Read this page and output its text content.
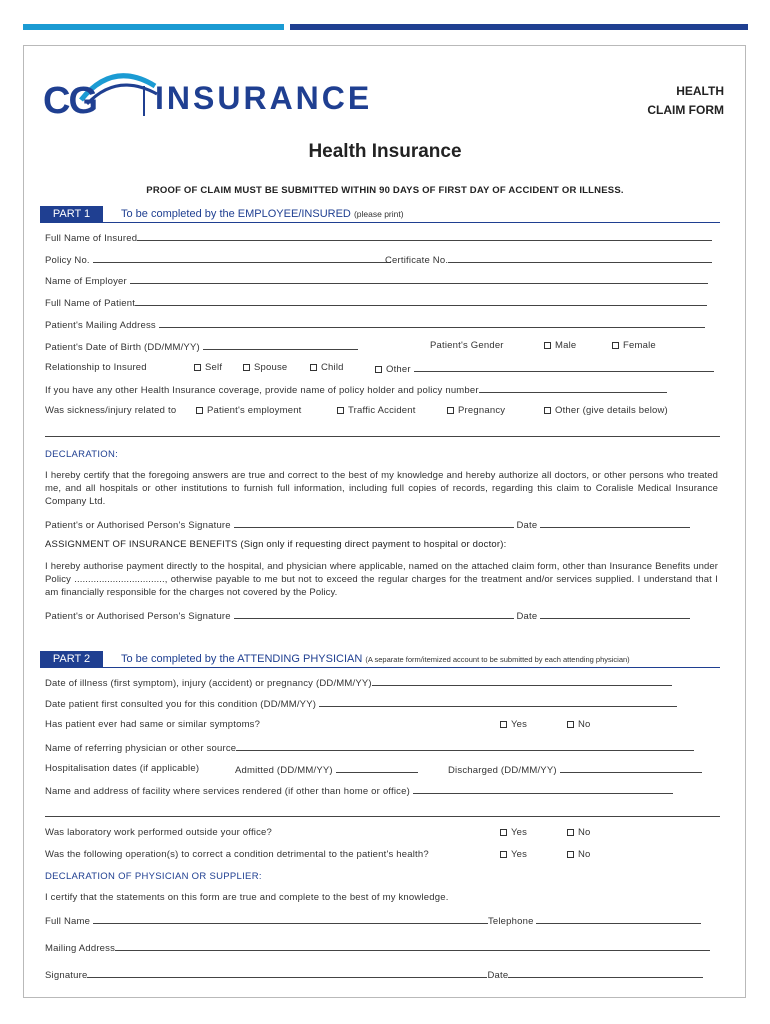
CG INSURANCE	HEALTH
CLAIM FORM
Health Insurance
PROOF OF CLAIM MUST BE SUBMITTED WITHIN 90 DAYS OF FIRST DAY OF ACCIDENT OR ILLNESS.
PART 1	To be completed by the EMPLOYEE/INSURED (please print)
Full Name of Insured
Policy No.	Certificate No.
Name of Employer
Full Name of Patient
Patient's Mailing Address
Patient's Date of Birth (DD/MM/YY)	Patient's Gender	Male	Female
Relationship to Insured	Self	Spouse	Child	Other
If you have any other Health Insurance coverage, provide name of policy holder and policy number
Was sickness/injury related to	Patient's employment	Traffic Accident	Pregnancy	Other (give details below)
DECLARATION:
I hereby certify that the foregoing answers are true and correct to the best of my knowledge and hereby authorize all doctors, or other persons who treated me, and all hospitals or other institutions to furnish full information, including full copies of records, regarding this claim to Coralisle Medical Insurance Company Ltd.
Patient's or Authorised Person's Signature	Date
ASSIGNMENT OF INSURANCE BENEFITS (Sign only if requesting direct payment to hospital or doctor):
I hereby authorise payment directly to the hospital, and physician where applicable, named on the attached claim form, other than Insurance Benefits under Policy ................................., otherwise payable to me but not to exceed the regular charges for the treatment and/or services supplied. I understand that I am financially responsible for the charges not covered by the Policy.
Patient's or Authorised Person's Signature	Date
PART 2	To be completed by the ATTENDING PHYSICIAN (A separate form/itemized account to be submitted by each attending physician)
Date of illness (first symptom), injury (accident) or pregnancy (DD/MM/YY)
Date patient first consulted you for this condition (DD/MM/YY)
Has patient ever had same or similar symptoms?	Yes	No
Name of referring physician or other source
Hospitalisation dates (if applicable)	Admitted (DD/MM/YY)	Discharged (DD/MM/YY)
Name and address of facility where services rendered (if other than home or office)
Was laboratory work performed outside your office?	Yes	No
Was the following operation(s) to correct a condition detrimental to the patient's health?	Yes	No
DECLARATION OF PHYSICIAN OR SUPPLIER:
I certify that the statements on this form are true and complete to the best of my knowledge.
Full Name	Telephone
Mailing Address
Signature	Date
